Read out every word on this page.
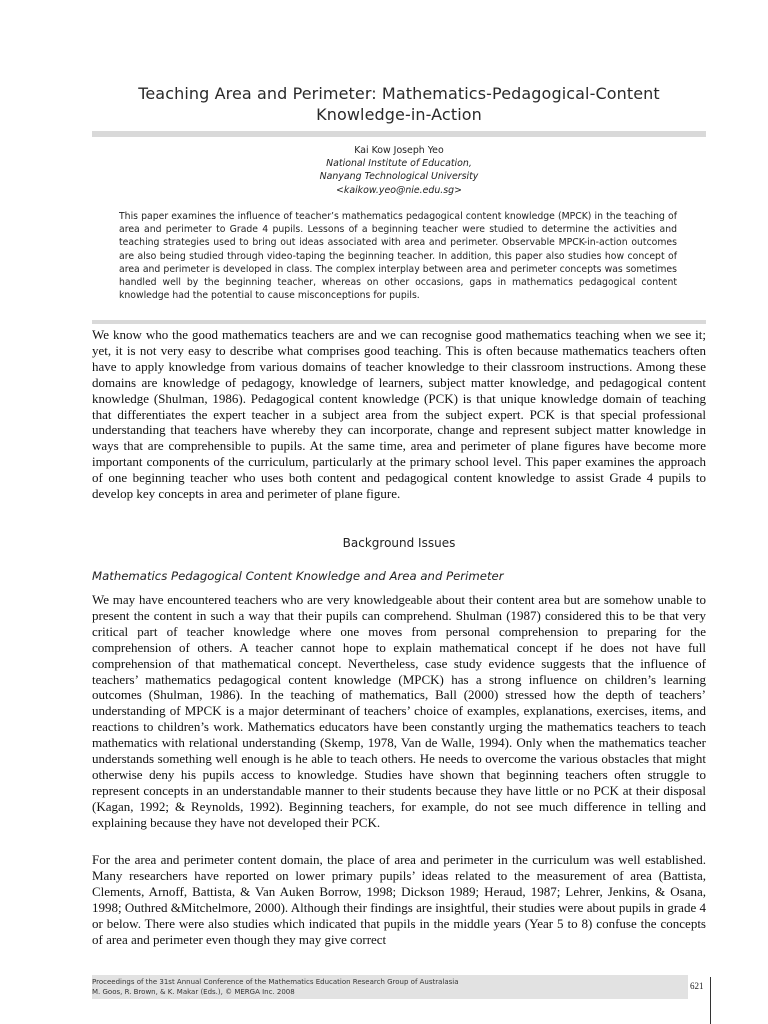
Teaching Area and Perimeter: Mathematics-Pedagogical-Content
Knowledge-in-Action
Kai Kow Joseph Yeo
National Institute of Education,
Nanyang Technological University
<kaikow.yeo@nie.edu.sg>
This paper examines the influence of teacher’s mathematics pedagogical content knowledge (MPCK) in the teaching of area and perimeter to Grade 4 pupils. Lessons of a beginning teacher were studied to determine the activities and teaching strategies used to bring out ideas associated with area and perimeter. Observable MPCK-in-action outcomes are also being studied through video-taping the beginning teacher. In addition, this paper also studies how concept of area and perimeter is developed in class. The complex interplay between area and perimeter concepts was sometimes handled well by the beginning teacher, whereas on other occasions, gaps in mathematics pedagogical content knowledge had the potential to cause misconceptions for pupils.
We know who the good mathematics teachers are and we can recognise good mathematics teaching when we see it; yet, it is not very easy to describe what comprises good teaching. This is often because mathematics teachers often have to apply knowledge from various domains of teacher knowledge to their classroom instructions. Among these domains are knowledge of pedagogy, knowledge of learners, subject matter knowledge, and pedagogical content knowledge (Shulman, 1986). Pedagogical content knowledge (PCK) is that unique knowledge domain of teaching that differentiates the expert teacher in a subject area from the subject expert. PCK is that special professional understanding that teachers have whereby they can incorporate, change and represent subject matter knowledge in ways that are comprehensible to pupils. At the same time, area and perimeter of plane figures have become more important components of the curriculum, particularly at the primary school level. This paper examines the approach of one beginning teacher who uses both content and pedagogical content knowledge to assist Grade 4 pupils to develop key concepts in area and perimeter of plane figure.
Background Issues
Mathematics Pedagogical Content Knowledge and Area and Perimeter
We may have encountered teachers who are very knowledgeable about their content area but are somehow unable to present the content in such a way that their pupils can comprehend. Shulman (1987) considered this to be that very critical part of teacher knowledge where one moves from personal comprehension to preparing for the comprehension of others. A teacher cannot hope to explain mathematical concept if he does not have full comprehension of that mathematical concept. Nevertheless, case study evidence suggests that the influence of teachers’ mathematics pedagogical content knowledge (MPCK) has a strong influence on children’s learning outcomes (Shulman, 1986). In the teaching of mathematics, Ball (2000) stressed how the depth of teachers’ understanding of MPCK is a major determinant of teachers’ choice of examples, explanations, exercises, items, and reactions to children’s work. Mathematics educators have been constantly urging the mathematics teachers to teach mathematics with relational understanding (Skemp, 1978, Van de Walle, 1994). Only when the mathematics teacher understands something well enough is he able to teach others. He needs to overcome the various obstacles that might otherwise deny his pupils access to knowledge. Studies have shown that beginning teachers often struggle to represent concepts in an understandable manner to their students because they have little or no PCK at their disposal (Kagan, 1992; & Reynolds, 1992). Beginning teachers, for example, do not see much difference in telling and explaining because they have not developed their PCK.
For the area and perimeter content domain, the place of area and perimeter in the curriculum was well established. Many researchers have reported on lower primary pupils’ ideas related to the measurement of area (Battista, Clements, Arnoff, Battista, & Van Auken Borrow, 1998; Dickson 1989; Heraud, 1987; Lehrer, Jenkins, & Osana, 1998; Outhred &Mitchelmore, 2000). Although their findings are insightful, their studies were about pupils in grade 4 or below. There were also studies which indicated that pupils in the middle years (Year 5 to 8) confuse the concepts of area and perimeter even though they may give correct
Proceedings of the 31st Annual Conference of the Mathematics Education Research Group of Australasia
M. Goos, R. Brown, & K. Makar (Eds.), © MERGA Inc. 2008
621
